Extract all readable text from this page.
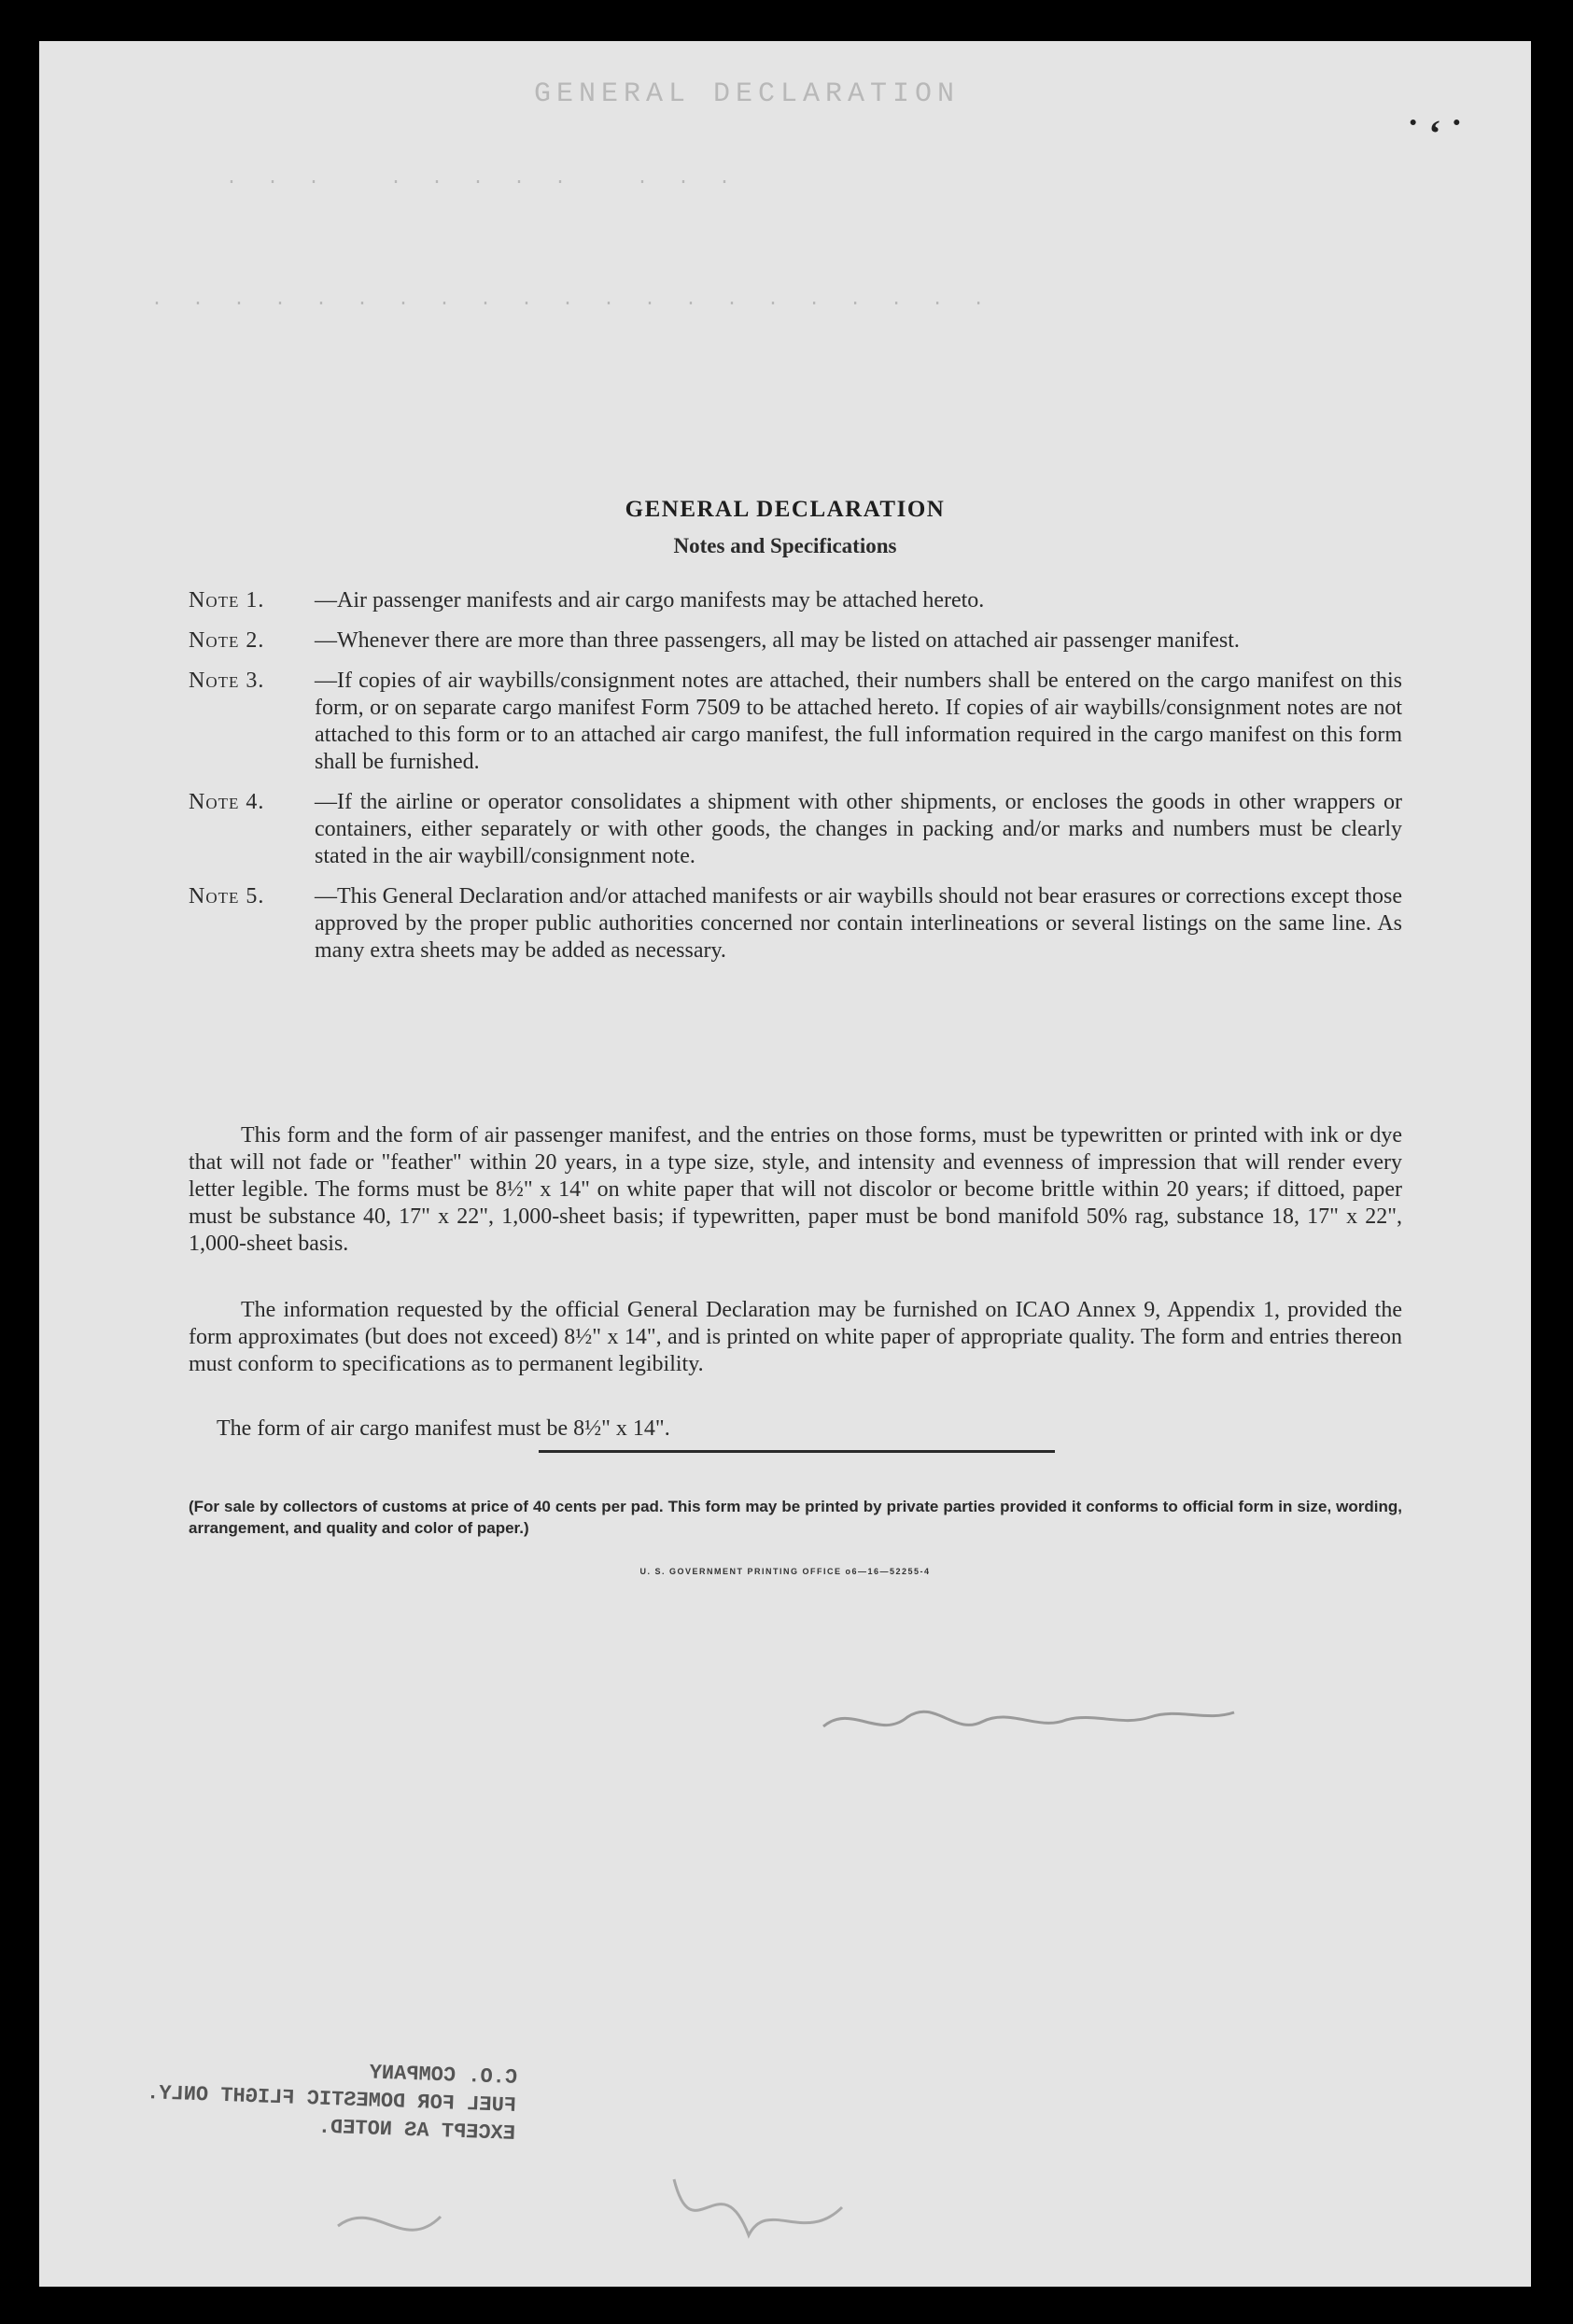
GENERAL DECLARATION
· · ·   · · · · ·   · · ·
· · · · · · · · · · · · · · · · · · · · ·
˙ ʻ ˙
GENERAL DECLARATION
Notes and Specifications
Note 1.	— Air passenger manifests and air cargo manifests may be attached hereto.
Note 2.	— Whenever there are more than three passengers, all may be listed on attached air passenger manifest.
Note 3.	— If copies of air waybills/consignment notes are attached, their numbers shall be entered on the cargo manifest on this form, or on separate cargo manifest Form 7509 to be attached hereto. If copies of air waybills/consignment notes are not attached to this form or to an attached air cargo manifest, the full information required in the cargo manifest on this form shall be furnished.
Note 4.	— If the airline or operator consolidates a shipment with other shipments, or encloses the goods in other wrappers or containers, either separately or with other goods, the changes in packing and/or marks and numbers must be clearly stated in the air waybill/consignment note.
Note 5.	— This General Declaration and/or attached manifests or air waybills should not bear erasures or corrections except those approved by the proper public authorities concerned nor contain interlineations or several listings on the same line. As many extra sheets may be added as necessary.
This form and the form of air passenger manifest, and the entries on those forms, must be typewritten or printed with ink or dye that will not fade or "feather" within 20 years, in a type size, style, and intensity and evenness of impression that will render every letter legible. The forms must be 8½" x 14" on white paper that will not discolor or become brittle within 20 years; if dittoed, paper must be substance 40, 17" x 22", 1,000-sheet basis; if typewritten, paper must be bond manifold 50% rag, substance 18, 17" x 22", 1,000-sheet basis.
The information requested by the official General Declaration may be furnished on ICAO Annex 9, Appendix 1, provided the form approximates (but does not exceed) 8½" x 14", and is printed on white paper of appropriate quality. The form and entries thereon must conform to specifications as to permanent legibility.
The form of air cargo manifest must be 8½" x 14".
(For sale by collectors of customs at price of 40 cents per pad. This form may be printed by private parties provided it conforms to official form in size, wording, arrangement, and quality and color of paper.)
U. S. GOVERNMENT PRINTING OFFICE o6—16—52255-4
C.O. COMPANY
FUEL FOR DOMESTIC FLIGHT ONLY.
EXCEPT AS NOTED.
